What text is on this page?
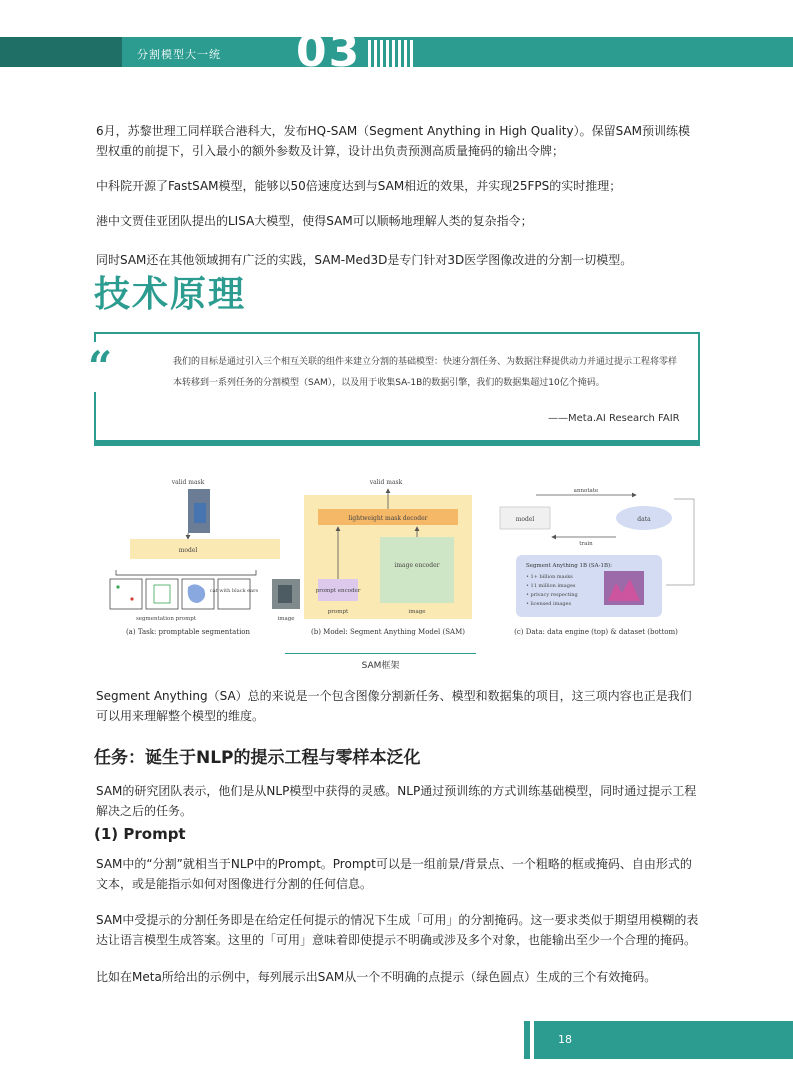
分割模型大一统 03
6月，苏黎世理工同样联合港科大，发布HQ-SAM（Segment Anything in High Quality）。保留SAM预训练模型权重的前提下，引入最小的额外参数及计算，设计出负责预测高质量掩码的输出令牌；
中科院开源了FastSAM模型，能够以50倍速度达到与SAM相近的效果，并实现25FPS的实时推理；
港中文贾佳亚团队提出的LISA大模型，使得SAM可以顺畅地理解人类的复杂指令；
同时SAM还在其他领域拥有广泛的实践，SAM-Med3D是专门针对3D医学图像改进的分割一切模型。
技术原理
“	我们的目标是通过引入三个相互关联的组件来建立分割的基础模型：快速分割任务、为数据注释提供动力并通过提示工程将零样本转移到一系列任务的分割模型（SAM），以及用于收集SA-1B的数据引擎，我们的数据集超过10亿个掩码。
——Meta.AI Research FAIR
valid mask
model
cat with black ears
segmentation prompt	image
(a) Task: promptable segmentation
valid mask
lightweight mask decoder
image encoder
prompt encoder
prompt	image
(b) Model: Segment Anything Model (SAM)
annotate
model	data
train
Segment Anything 1B (SA-1B):
• 1+ billion masks
• 11 million images
• privacy respecting
• licensed images
(c) Data: data engine (top) & dataset (bottom)
SAM框架
Segment Anything（SA）总的来说是一个包含图像分割新任务、模型和数据集的项目，这三项内容也正是我们可以用来理解整个模型的维度。
任务：诞生于NLP的提示工程与零样本泛化
SAM的研究团队表示，他们是从NLP模型中获得的灵感。NLP通过预训练的方式训练基础模型，同时通过提示工程解决之后的任务。
(1) Prompt
SAM中的“分割”就相当于NLP中的Prompt。Prompt可以是一组前景/背景点、一个粗略的框或掩码、自由形式的文本，或是能指示如何对图像进行分割的任何信息。
SAM中受提示的分割任务即是在给定任何提示的情况下生成「可用」的分割掩码。这一要求类似于期望用模糊的表达让语言模型生成答案。这里的「可用」意味着即使提示不明确或涉及多个对象，也能输出至少一个合理的掩码。
比如在Meta所给出的示例中，每列展示出SAM从一个不明确的点提示（绿色圆点）生成的三个有效掩码。
18
